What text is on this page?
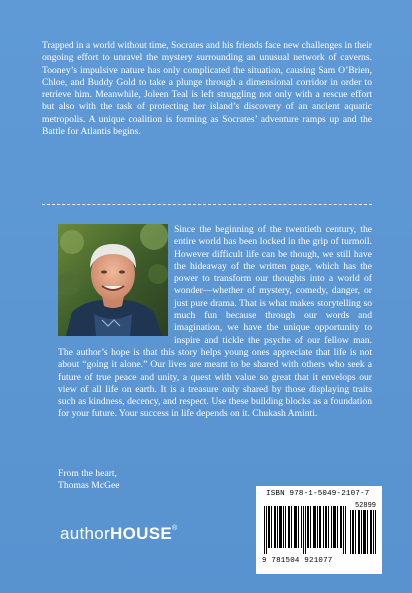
Trapped in a world without time, Socrates and his friends face new challenges in their ongoing effort to unravel the mystery surrounding an unusual network of caverns. Tooney’s impulsive nature has only complicated the situation, causing Sam O’Brien, Chloe, and Buddy Gold to take a plunge through a dimensional corridor in order to retrieve him. Meanwhile, Joleen Teal is left struggling not only with a rescue effort but also with the task of protecting her island’s discovery of an ancient aquatic metropolis. A unique coalition is forming as Socrates’ adventure ramps up and the Battle for Atlantis begins.

Since the beginning of the twentieth century, the entire world has been locked in the grip of turmoil. However difficult life can be though, we still have the hideaway of the written page, which has the power to transform our thoughts into a world of wonder—whether of mystery, comedy, danger, or just pure drama. That is what makes storytelling so much fun because through our words and imagination, we have the unique opportunity to inspire and tickle the psyche of our fellow man. The author’s hope is that this story helps young ones appreciate that life is not about “going it alone.” Our lives are meant to be shared with others who seek a future of true peace and unity, a quest with value so great that it envelops our view of all life on earth. It is a treasure only shared by those displaying traits such as kindness, decency, and respect. Use these building blocks as a foundation for your future. Your success in life depends on it. Chukash Aminti.

From the heart,
Thomas McGee

authorHOUSE®
ISBN 978-1-5049-2107-7
52899
9 781504 921077
